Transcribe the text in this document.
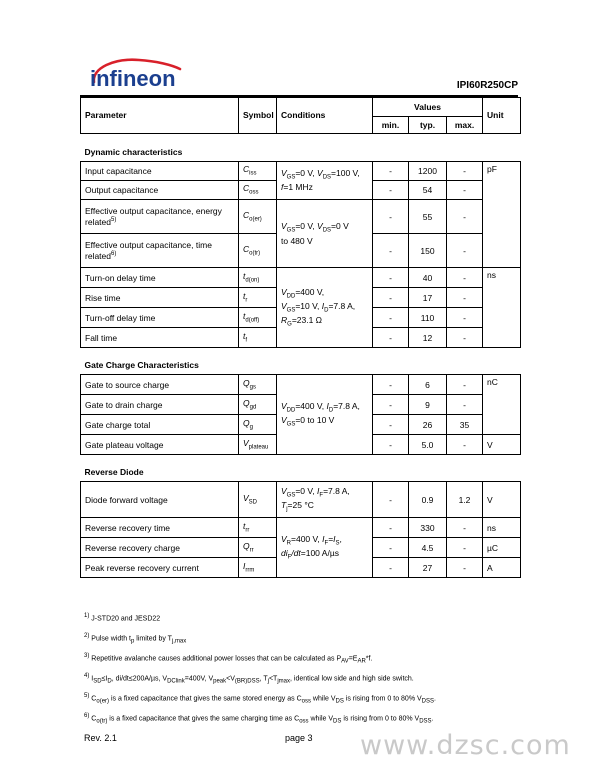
infineon	IPI60R250CP
Parameter	Symbol	Conditions	Values			Unit
			min.	typ.	max.	
Dynamic characteristics						
Input capacitance	$C_{iss}$	$V_{GS}=0$ V, $V_{DS}=100$ V,
f=1 MHz	-	1200	-	pF
Output capacitance	$C_{oss}$		-	54	-	
Effective output capacitance, energy related$^{5)}$	$C_{o(er)}$	$V_{GS}=0$ V, $V_{DS}=0$ V
to 480 V	-	55	-	
Effective output capacitance, time related$^{6)}$	$C_{o(tr)}$		-	150	-	
Turn-on delay time	$t_{d(on)}$	$V_{DD}=400$ V,
$V_{GS}=10$ V, $I_D=7.8$ A,
$R_G=23.1$ Ω	-	40	-	ns
Rise time	$t_r$		-	17	-	
Turn-off delay time	$t_{d(off)}$		-	110	-	
Fall time	$t_f$		-	12	-	
Gate Charge Characteristics						
Gate to source charge	$Q_{gs}$	$V_{DD}=400$ V, $I_D=7.8$ A,
$V_{GS}=0$ to 10 V	-	6	-	nC
Gate to drain charge	$Q_{gd}$		-	9	-	
Gate charge total	$Q_g$		-	26	35	
Gate plateau voltage	$V_{plateau}$		-	5.0	-	V
Reverse Diode						
Diode forward voltage	$V_{SD}$	$V_{GS}=0$ V, $I_F=7.8$ A,
$T_j=25$ °C	-	0.9	1.2	V
Reverse recovery time	$t_{rr}$	$V_R=400$ V, $I_F=I_S$,
$di_F/dt=100$ A/µs	-	330	-	ns
Reverse recovery charge	$Q_{rr}$		-	4.5	-	µC
Peak reverse recovery current	$I_{rrm}$		-	27	-	A
$^{1)}$ J-STD20 and JESD22
$^{2)}$ Pulse width $t_p$ limited by $T_{j,max}$
$^{3)}$ Repetitive avalanche causes additional power losses that can be calculated as $P_{AV}=E_{AR}*f$.
$^{4)}$ $I_{SD}\le I_D$, di/dt≤200A/µs, $V_{DClink}=400V$, $V_{peak}<V_{(BR)DSS}$, $T_j<T_{jmax}$, identical low side and high side switch.
$^{5)}$ $C_{o(er)}$ is a fixed capacitance that gives the same stored energy as $C_{oss}$ while $V_{DS}$ is rising from 0 to 80% $V_{DSS}$.
$^{6)}$ $C_{o(tr)}$ is a fixed capacitance that gives the same charging time as $C_{oss}$ while $V_{DS}$ is rising from 0 to 80% $V_{DSS}$.
Rev. 2.1	page 3 www.dzsc.com
